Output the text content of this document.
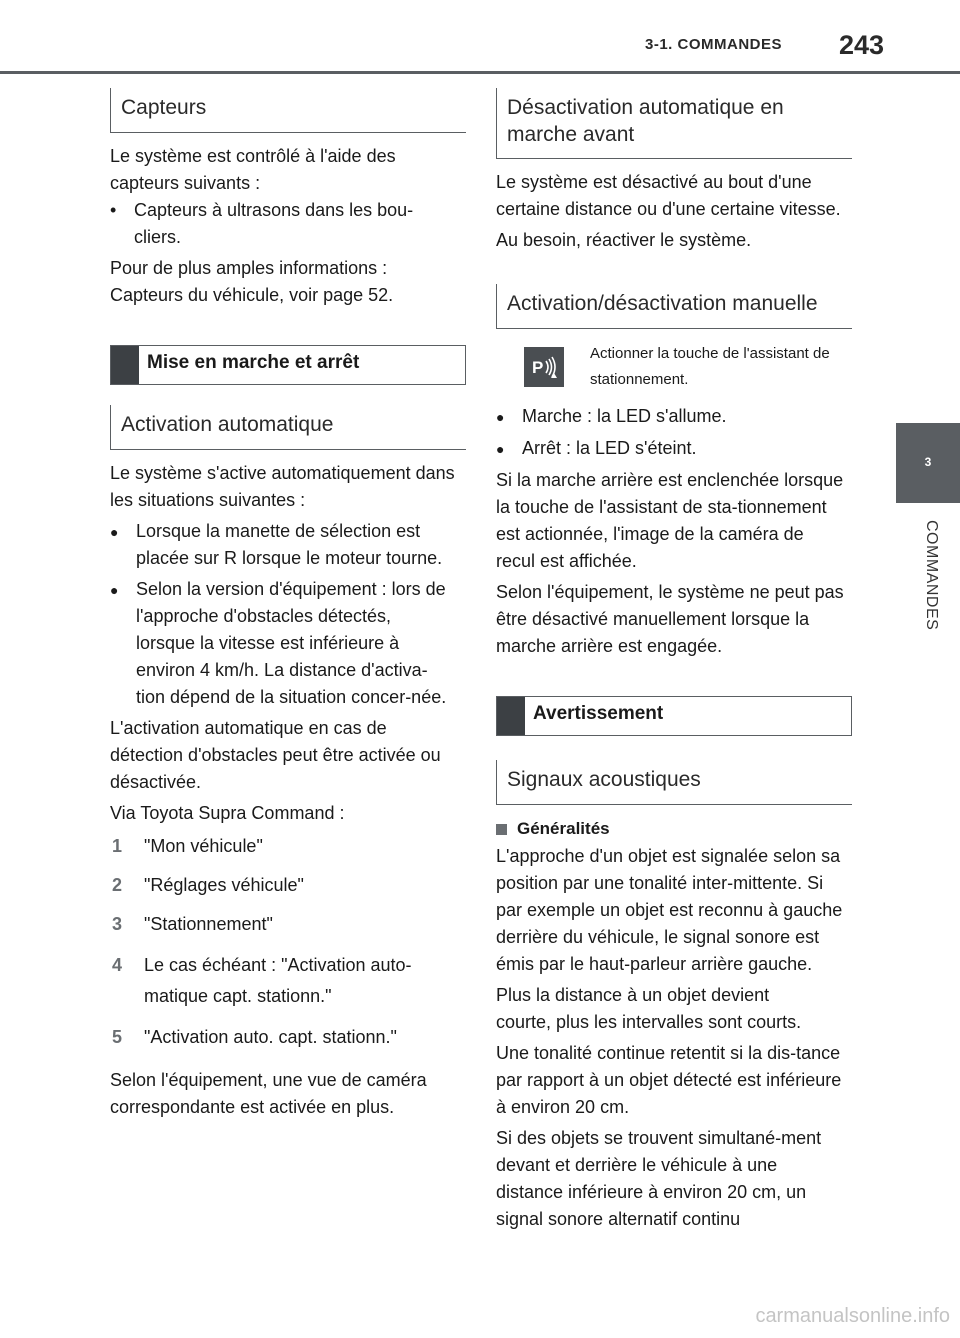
3-1. COMMANDES 243
3
COMMANDES
Capteurs

Le système est contrôlé à l'aide des capteurs suivants :

• Capteurs à ultrasons dans les bou-cliers.

Pour de plus amples informations : Capteurs du véhicule, voir page 52.

Mise en marche et arrêt
Activation automatique

Le système s'active automatiquement dans les situations suivantes :

● Lorsque la manette de sélection est placée sur R lorsque le moteur tourne.
● Selon la version d'équipement : lors de l'approche d'obstacles détectés, lorsque la vitesse est inférieure à environ 4 km/h. La distance d'activa-tion dépend de la situation concer-née.

L'activation automatique en cas de détection d'obstacles peut être activée ou désactivée.

Via Toyota Supra Command :

1	"Mon véhicule"
2	"Réglages véhicule"
3	"Stationnement"
4	Le cas échéant : "Activation auto-matique capt. stationn."
5	"Activation auto. capt. stationn."

Selon l'équipement, une vue de caméra correspondante est activée en plus.

Désactivation automatique en marche avant

Le système est désactivé au bout d'une certaine distance ou d'une certaine vitesse.

Au besoin, réactiver le système.

Activation/désactivation manuelle
P
Actionner la touche de l'assistant de stationnement.
● Marche : la LED s'allume.
● Arrêt : la LED s'éteint.

Si la marche arrière est enclenchée lorsque la touche de l'assistant de sta-tionnement est actionnée, l'image de la caméra de recul est affichée.

Selon l'équipement, le système ne peut pas être désactivé manuellement lorsque la marche arrière est engagée.

Avertissement
Signaux acoustiques
Généralités

L'approche d'un objet est signalée selon sa position par une tonalité inter-mittente. Si par exemple un objet est reconnu à gauche derrière du véhicule, le signal sonore est émis par le haut-parleur arrière gauche.

Plus la distance à un objet devient courte, plus les intervalles sont courts.

Une tonalité continue retentit si la dis-tance par rapport à un objet détecté est inférieure à environ 20 cm.

Si des objets se trouvent simultané-ment devant et derrière le véhicule à une distance inférieure à environ 20 cm, un signal sonore alternatif continu

carmanualsonline.info
